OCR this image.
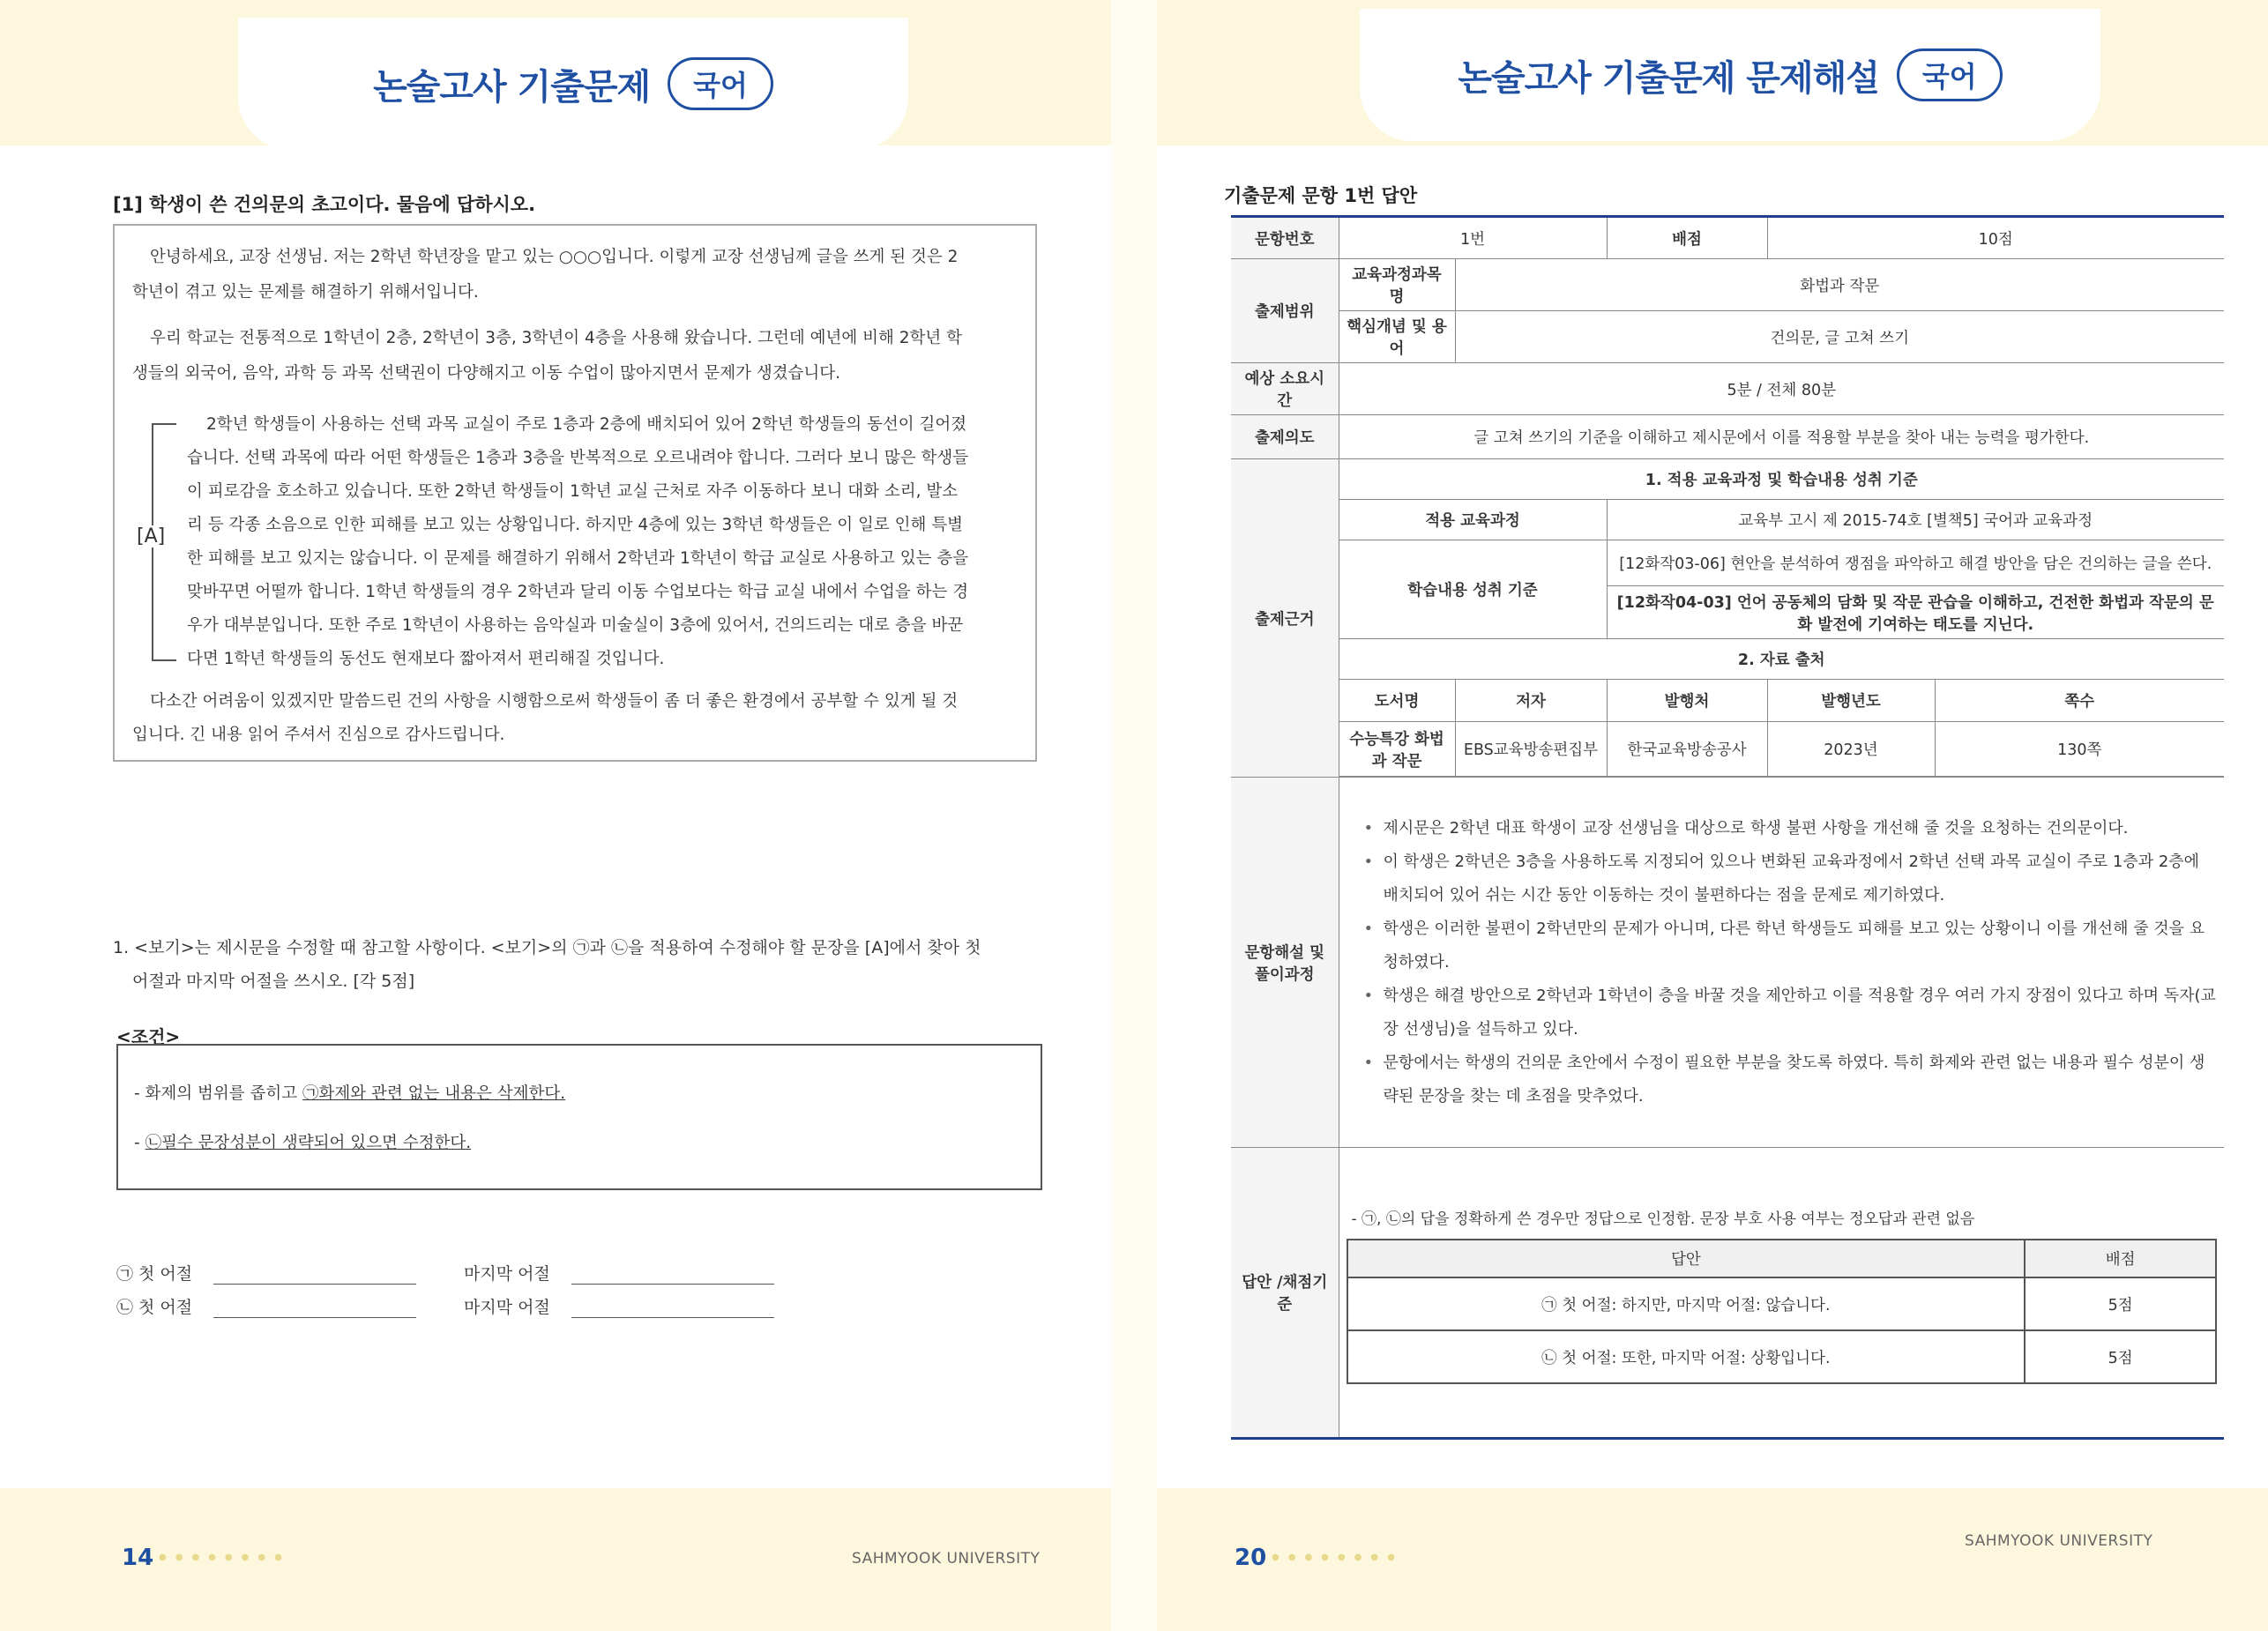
논술고사 기출문제	국어
[1] 학생이 쓴 건의문의 초고이다. 물음에 답하시오.
안녕하세요, 교장 선생님. 저는 2학년 학년장을 맡고 있는 ○○○입니다. 이렇게 교장 선생님께 글을 쓰게 된 것은 2
학년이 겪고 있는 문제를 해결하기 위해서입니다.
우리 학교는 전통적으로 1학년이 2층, 2학년이 3층, 3학년이 4층을 사용해 왔습니다. 그런데 예년에 비해 2학년 학
생들의 외국어, 음악, 과학 등 과목 선택권이 다양해지고 이동 수업이 많아지면서 문제가 생겼습니다.
[A]
2학년 학생들이 사용하는 선택 과목 교실이 주로 1층과 2층에 배치되어 있어 2학년 학생들의 동선이 길어졌
습니다. 선택 과목에 따라 어떤 학생들은 1층과 3층을 반복적으로 오르내려야 합니다. 그러다 보니 많은 학생들
이 피로감을 호소하고 있습니다. 또한 2학년 학생들이 1학년 교실 근처로 자주 이동하다 보니 대화 소리, 발소
리 등 각종 소음으로 인한 피해를 보고 있는 상황입니다. 하지만 4층에 있는 3학년 학생들은 이 일로 인해 특별
한 피해를 보고 있지는 않습니다. 이 문제를 해결하기 위해서 2학년과 1학년이 학급 교실로 사용하고 있는 층을
맞바꾸면 어떨까 합니다. 1학년 학생들의 경우 2학년과 달리 이동 수업보다는 학급 교실 내에서 수업을 하는 경
우가 대부분입니다. 또한 주로 1학년이 사용하는 음악실과 미술실이 3층에 있어서, 건의드리는 대로 층을 바꾼
다면 1학년 학생들의 동선도 현재보다 짧아져서 편리해질 것입니다.
다소간 어려움이 있겠지만 말씀드린 건의 사항을 시행함으로써 학생들이 좀 더 좋은 환경에서 공부할 수 있게 될 것
입니다. 긴 내용 읽어 주셔서 진심으로 감사드립니다.
1. <보기>는 제시문을 수정할 때 참고할 사항이다. <보기>의 ㉠과 ㉡을 적용하여 수정해야 할 문장을 [A]에서 찾아 첫
어절과 마지막 어절을 쓰시오. [각 5점]
<조건>
- 화제의 범위를 좁히고 ㉠화제와 관련 없는 내용은 삭제한다.
- ㉡필수 문장성분이 생략되어 있으면 수정한다.
㉠ 첫 어절	마지막 어절
㉡ 첫 어절	마지막 어절
14 ●●●●●●●●	SAHMYOOK UNIVERSITY
논술고사 기출문제 문제해설	국어
기출문제 문항 1번 답안
문항번호	1번	배점	10점
출제범위	교육과정과목명	화법과 작문
핵심개념 및 용어	건의문, 글 고쳐 쓰기
예상 소요시간	5분 / 전체 80분
출제의도	글 고쳐 쓰기의 기준을 이해하고 제시문에서 이를 적용할 부분을 찾아 내는 능력을 평가한다.
출제근거	1. 적용 교육과정 및 학습내용 성취 기준
적용 교육과정	교육부 고시 제 2015-74호 [별책5] 국어과 교육과정
학습내용 성취 기준	[12화작03-06] 현안을 분석하여 쟁점을 파악하고 해결 방안을 담은 건의하는 글을 쓴다.
[12화작04-03] 언어 공동체의 담화 및 작문 관습을 이해하고, 건전한 화법과 작문의 문화 발전에 기여하는 태도를 지닌다.
2. 자료 출처
도서명	저자	발행처	발행년도	쪽수
수능특강 화법과 작문	EBS교육방송편집부	한국교육방송공사	2023년	130쪽

문항해설 및 풀이과정	
• 제시문은 2학년 대표 학생이 교장 선생님을 대상으로 학생 불편 사항을 개선해 줄 것을 요청하는 건의문이다.
• 이 학생은 2학년은 3층을 사용하도록 지정되어 있으나 변화된 교육과정에서 2학년 선택 과목 교실이 주로 1층과 2층에 배치되어 있어 쉬는 시간 동안 이동하는 것이 불편하다는 점을 문제로 제기하였다.
• 학생은 이러한 불편이 2학년만의 문제가 아니며, 다른 학년 학생들도 피해를 보고 있는 상황이니 이를 개선해 줄 것을 요청하였다.
• 학생은 해결 방안으로 2학년과 1학년이 층을 바꿀 것을 제안하고 이를 적용할 경우 여러 가지 장점이 있다고 하며 독자(교장 선생님)을 설득하고 있다.
• 문항에서는 학생의 건의문 초안에서 수정이 필요한 부분을 찾도록 하였다. 특히 화제와 관련 없는 내용과 필수 성분이 생략된 문장을 찾는 데 초점을 맞추었다.

답안 /채점기준	
- ㉠, ㉡의 답을 정확하게 쓴 경우만 정답으로 인정함. 문장 부호 사용 여부는 정오답과 관련 없음
답안	배점
㉠ 첫 어절: 하지만, 마지막 어절: 않습니다.	5점
㉡ 첫 어절: 또한, 마지막 어절: 상황입니다.	5점
20 ●●●●●●●●
SAHMYOOK UNIVERSITY
